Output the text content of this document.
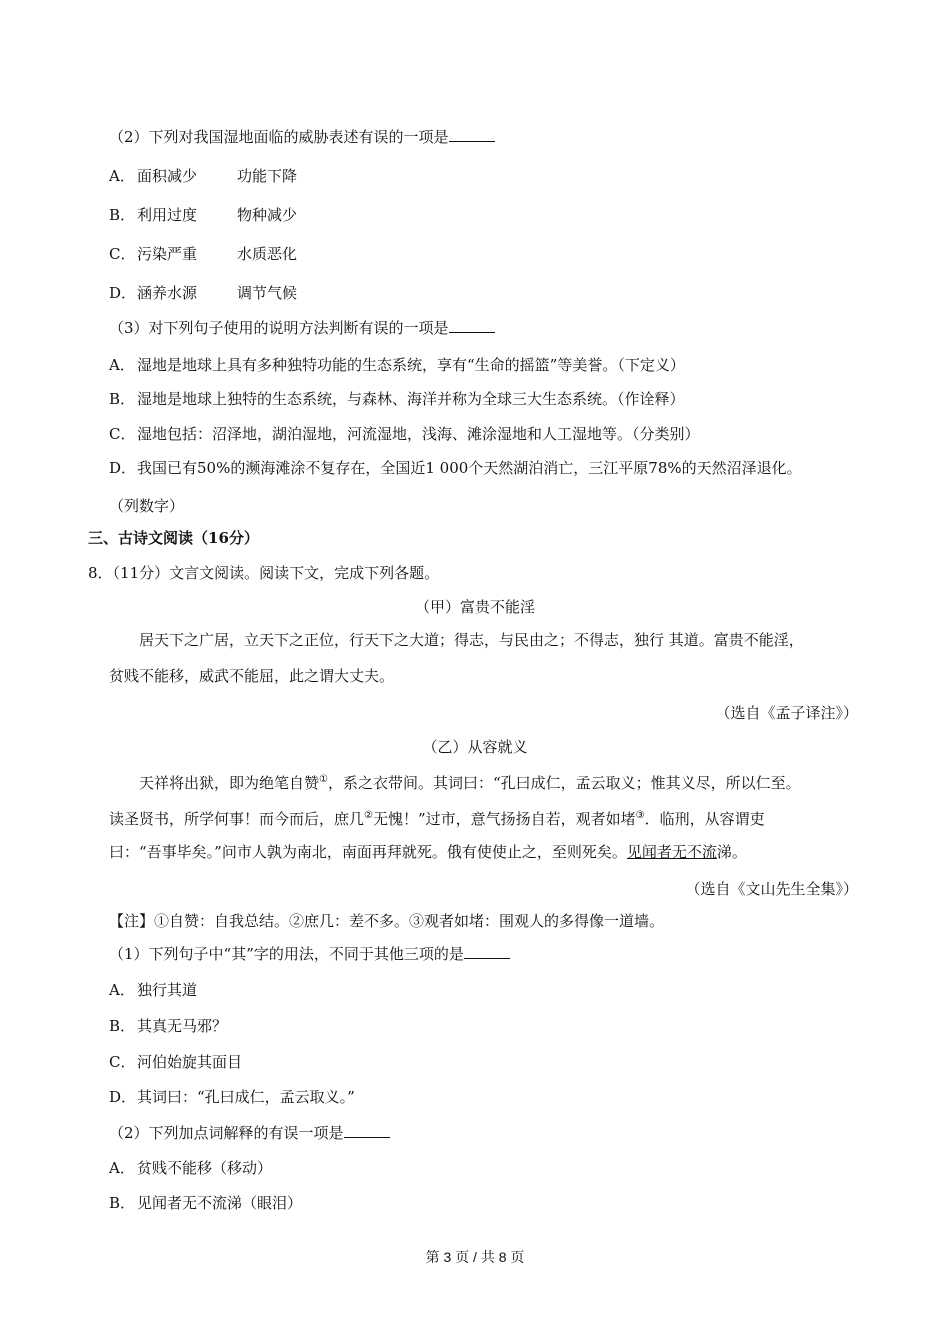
（2）下列对我国湿地面临的威胁表述有误的一项是
A． 面积减少	功能下降
B． 利用过度	物种减少
C． 污染严重	水质恶化
D．涵养水源	调节气候
（3）对下列句子使用的说明方法判断有误的一项是
A． 湿地是地球上具有多种独特功能的生态系统，享有“生命的摇篮”等美誉。（下定义）
B． 湿地是地球上独特的生态系统，与森林、海洋并称为全球三大生态系统。（作诠释）
C． 湿地包括：沼泽地，湖泊湿地，河流湿地，浅海、滩涂湿地和人工湿地等。（分类别）
D．我国已有50%的濒海滩涂不复存在，全国近1 000个天然湖泊消亡，三江平原78%的天然沼泽退化。
（列数字）
三、古诗文阅读（16分）
8．（11分）文言文阅读。阅读下文，完成下列各题。
（甲）富贵不能淫
居天下之广居，立天下之正位，行天下之大道；得志，与民由之；不得志，独行 其道。富贵不能淫，
贫贱不能移，威武不能屈，此之谓大丈夫。
（选自《孟子译注》）
（乙）从容就义
天祥将出狱，即为绝笔自赞①，系之衣带间。其词曰：“孔曰成仁，孟云取义；惟其义尽，所以仁至。
读圣贤书，所学何事！而今而后，庶几②无愧！”过市，意气扬扬自若，观者如堵③．临刑，从容谓吏
曰：“吾事毕矣。”问市人孰为南北，南面再拜就死。俄有使使止之，至则死矣。见闻者无不流涕。
（选自《文山先生全集》）
【注】①自赞：自我总结。②庶几：差不多。③观者如堵：围观人的多得像一道墙。
（1）下列句子中“其”字的用法，不同于其他三项的是
A． 独行其道
B． 其真无马邪？
C． 河伯始旋其面目
D．其词曰：“孔曰成仁，孟云取义。”
（2）下列加点词解释的有误一项是
A． 贫贱不能移（移动）
B． 见闻者无不流涕（眼泪）
第 3 页 / 共 8 页
